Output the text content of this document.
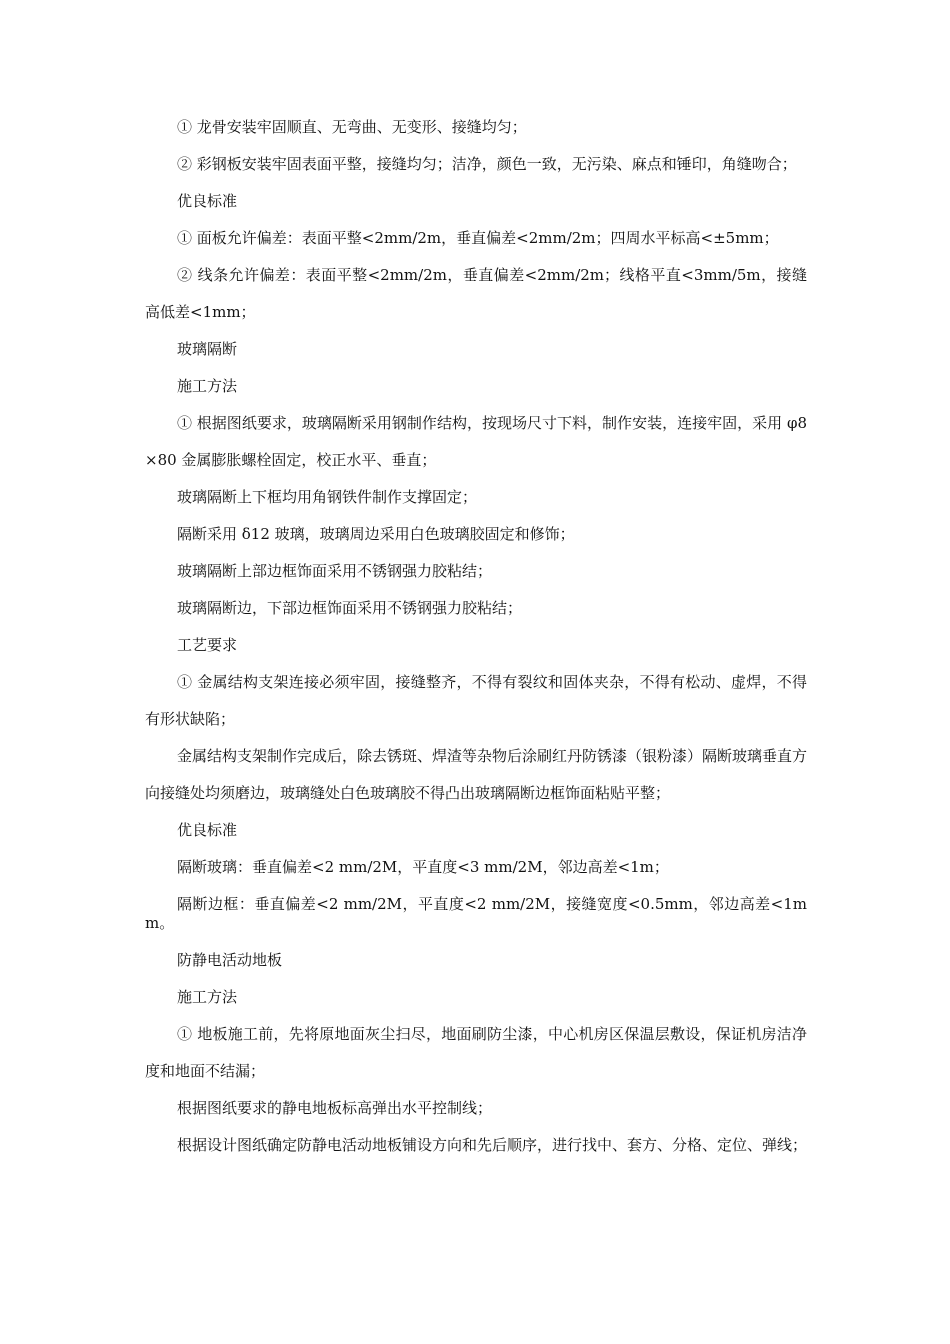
① 龙骨安装牢固顺直、无弯曲、无变形、接缝均匀；

② 彩钢板安装牢固表面平整，接缝均匀；洁净，颜色一致，无污染、麻点和锤印，角缝吻合；

优良标准

① 面板允许偏差：表面平整<2mm/2m，垂直偏差<2mm/2m；四周水平标高<±5mm；

② 线条允许偏差：表面平整<2mm/2m，垂直偏差<2mm/2m；线格平直<3mm/5m，接缝高低差<1mm；

玻璃隔断

施工方法

① 根据图纸要求，玻璃隔断采用钢制作结构，按现场尺寸下料，制作安装，连接牢固，采用 φ8×80 金属膨胀螺栓固定，校正水平、垂直；

玻璃隔断上下框均用角钢铁件制作支撑固定；

隔断采用 δ12 玻璃，玻璃周边采用白色玻璃胶固定和修饰；

玻璃隔断上部边框饰面采用不锈钢强力胶粘结；

玻璃隔断边，下部边框饰面采用不锈钢强力胶粘结；

工艺要求

① 金属结构支架连接必须牢固，接缝整齐，不得有裂纹和固体夹杂，不得有松动、虚焊，不得有形状缺陷；

金属结构支架制作完成后，除去锈斑、焊渣等杂物后涂刷红丹防锈漆（银粉漆）隔断玻璃垂直方向接缝处均须磨边，玻璃缝处白色玻璃胶不得凸出玻璃隔断边框饰面粘贴平整；

优良标准

隔断玻璃：垂直偏差<2 mm/2M，平直度<3 mm/2M，邻边高差<1m；

隔断边框：垂直偏差<2 mm/2M，平直度<2 mm/2M，接缝宽度<0.5mm，邻边高差<1mm。

防静电活动地板

施工方法

① 地板施工前，先将原地面灰尘扫尽，地面刷防尘漆，中心机房区保温层敷设，保证机房洁净度和地面不结漏；

根据图纸要求的静电地板标高弹出水平控制线；

根据设计图纸确定防静电活动地板铺设方向和先后顺序，进行找中、套方、分格、定位、弹线；
